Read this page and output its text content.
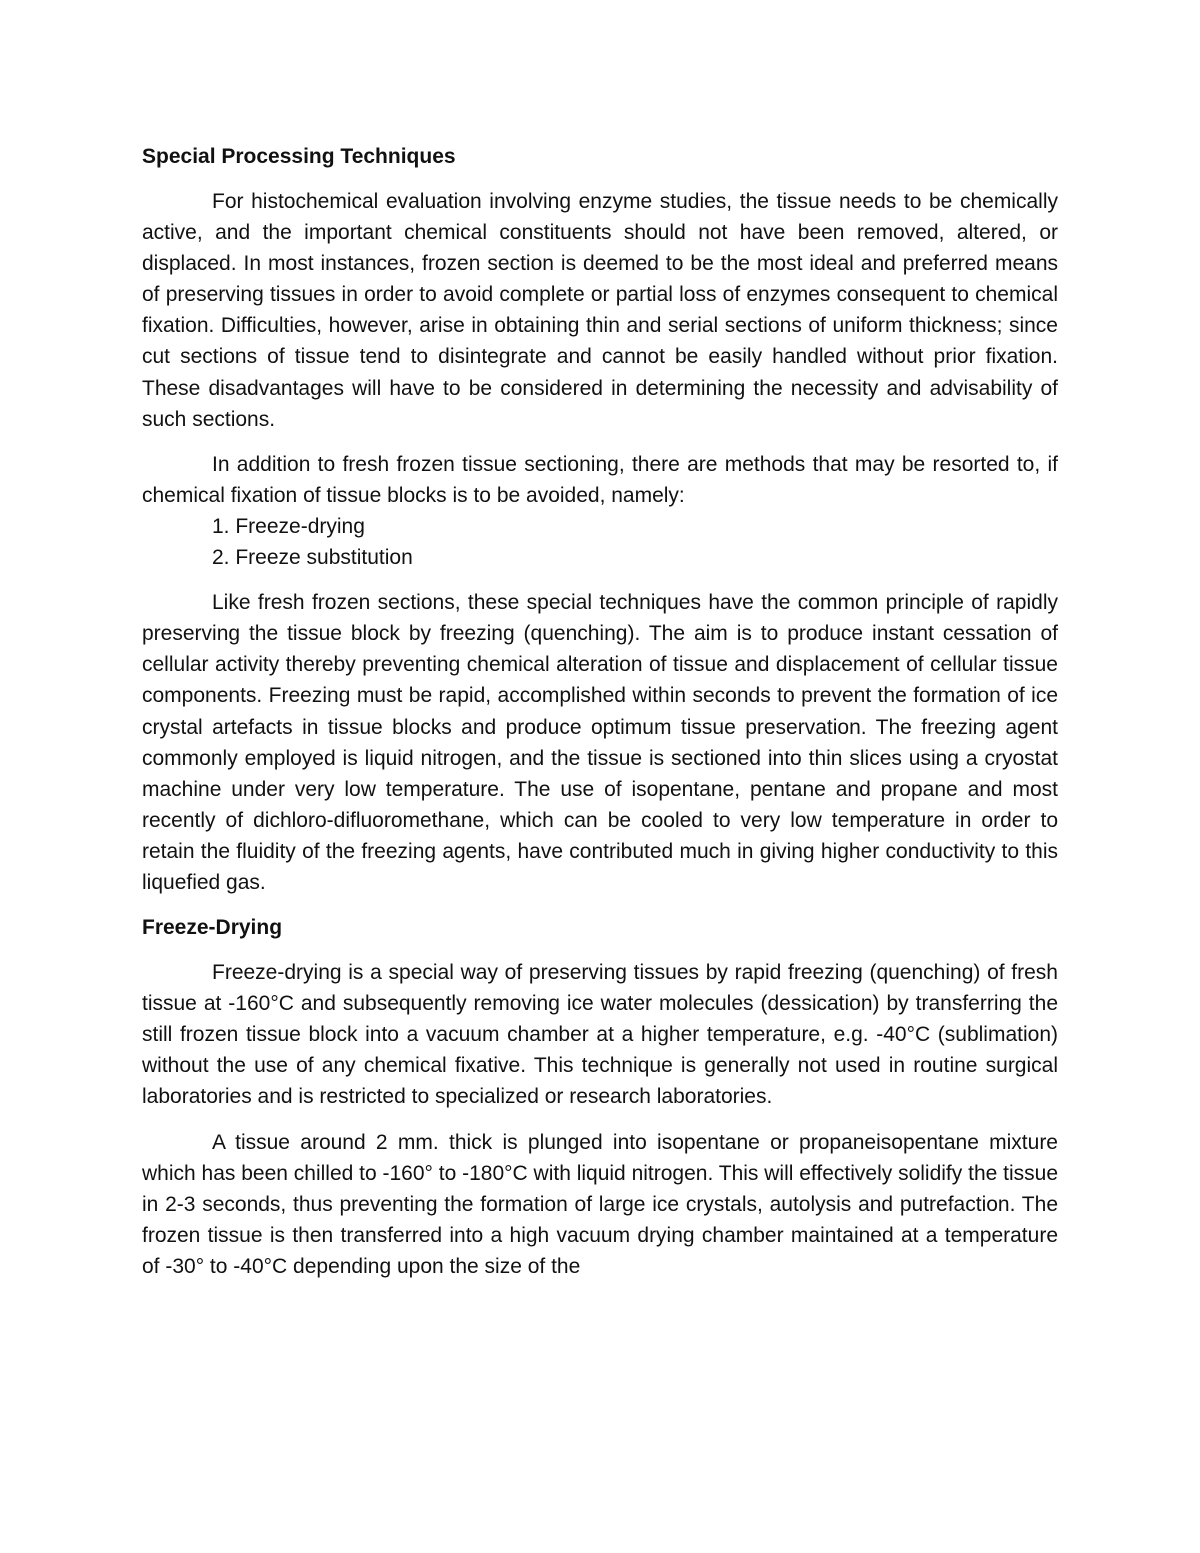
Special Processing Techniques

For histochemical evaluation involving enzyme studies, the tissue needs to be chemically active, and the important chemical constituents should not have been removed, altered, or displaced. In most instances, frozen section is deemed to be the most ideal and preferred means of preserving tissues in order to avoid complete or partial loss of enzymes consequent to chemical fixation. Difficulties, however, arise in obtaining thin and serial sections of uniform thickness; since cut sections of tissue tend to disintegrate and cannot be easily handled without prior fixation. These disadvantages will have to be considered in determining the necessity and advisability of such sections.

In addition to fresh frozen tissue sectioning, there are methods that may be resorted to, if chemical fixation of tissue blocks is to be avoided, namely:

1. Freeze-drying

2. Freeze substitution

Like fresh frozen sections, these special techniques have the common principle of rapidly preserving the tissue block by freezing (quenching). The aim is to produce instant cessation of cellular activity thereby preventing chemical alteration of tissue and displacement of cellular tissue components. Freezing must be rapid, accomplished within seconds to prevent the formation of ice crystal artefacts in tissue blocks and produce optimum tissue preservation. The freezing agent commonly employed is liquid nitrogen, and the tissue is sectioned into thin slices using a cryostat machine under very low temperature. The use of isopentane, pentane and propane and most recently of dichloro-difluoromethane, which can be cooled to very low temperature in order to retain the fluidity of the freezing agents, have contributed much in giving higher conductivity to this liquefied gas.

Freeze-Drying

Freeze-drying is a special way of preserving tissues by rapid freezing (quenching) of fresh tissue at -160°C and subsequently removing ice water molecules (dessication) by transferring the still frozen tissue block into a vacuum chamber at a higher temperature, e.g. -40°C (sublimation) without the use of any chemical fixative. This technique is generally not used in routine surgical laboratories and is restricted to specialized or research laboratories.

A tissue around 2 mm. thick is plunged into isopentane or propaneisopentane mixture which has been chilled to -160° to -180°C with liquid nitrogen. This will effectively solidify the tissue in 2-3 seconds, thus preventing the formation of large ice crystals, autolysis and putrefaction. The frozen tissue is then transferred into a high vacuum drying chamber maintained at a temperature of -30° to -40°C depending upon the size of the
